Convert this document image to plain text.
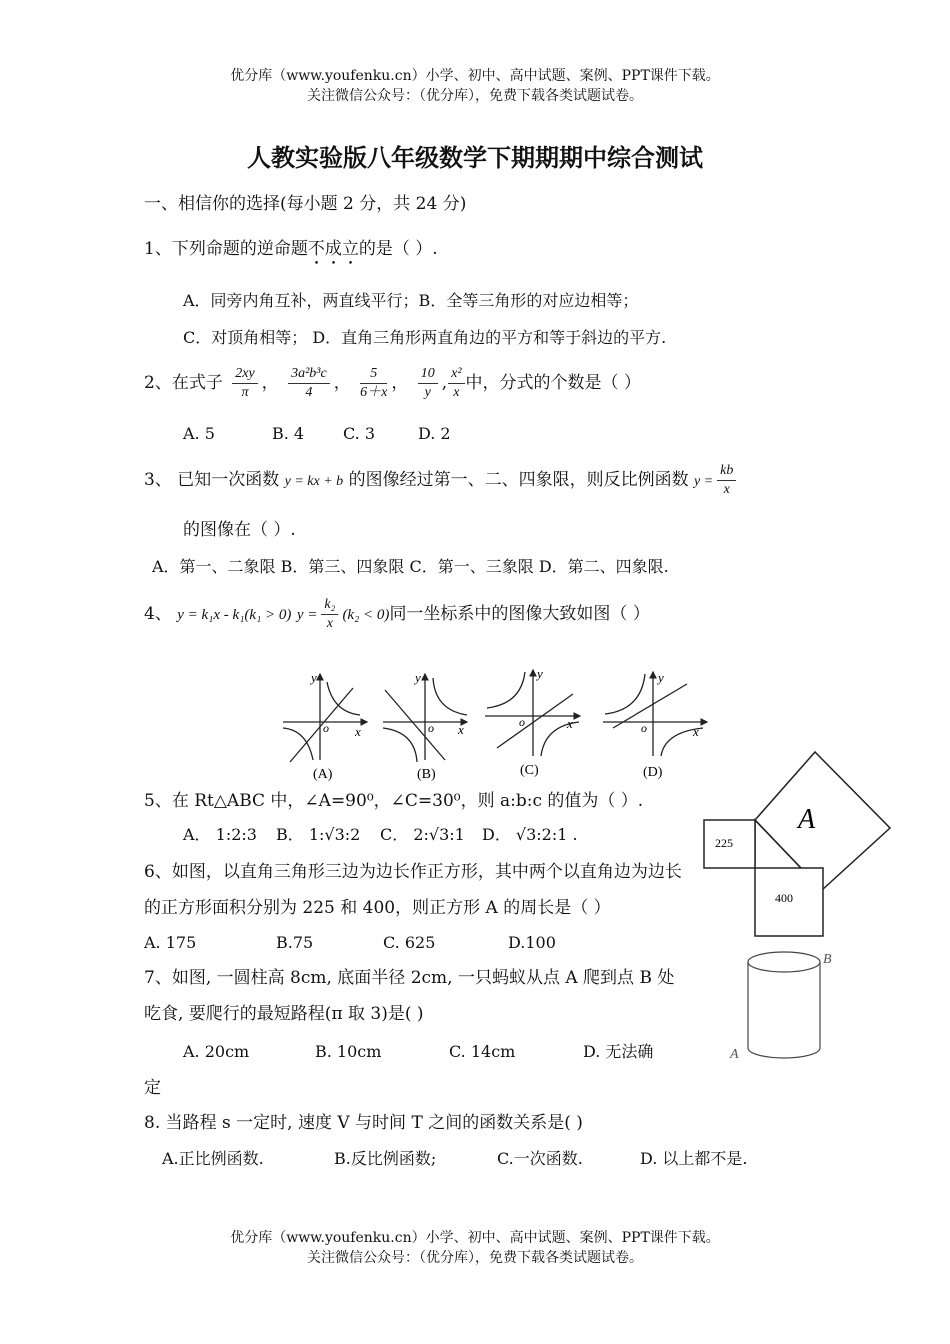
优分库（www.youfenku.cn）小学、初中、高中试题、案例、PPT课件下载。
关注微信公众号：（优分库），免费下载各类试题试卷。
人教实验版八年级数学下期期期中综合测试
一、相信你的选择(每小题 2 分，共 24 分)
1、下列命题的逆命题不成立的是（ ）.
A．同旁内角互补，两直线平行；B．全等三角形的对应边相等；
C．对顶角相等； D．直角三角形两直角边的平方和等于斜边的平方.
2、在式子 $\frac{2xy}{\pi}$ ， $\frac{\text{3a²b³c}}{4}$ ， $\frac{5}{6+x}$ ， $\frac{10}{y}$ , $\frac{\text{x²}}{x}$ 中，分式的个数是（ ）
A. 5	B. 4 C. 3	D. 2
3、 已知一次函数 y = kx + b 的图像经过第一、二、四象限，则反比例函数 $y = \frac{kb}{x}$
的图像在（ ）.
A．第一、二象限 B．第三、四象限 C．第一、三象限 D．第二、四象限.
4、 y = k₁x - k₁(k₁ > 0) $y = \frac{\text{k₂}}{x} (k_2 < 0)$同一坐标系中的图像大致如图（ ）
y
x
o
(A)
y
x
o
(B)
y
x
o
(C)
y
x
o
(D)
5、在 Rt△ABC 中，∠A=90⁰，∠C=30⁰，则 a:b:c 的值为（ ）.
A． 1:2:3 B． 1:√3:2 C． 2:√3:1 D． √3:2:1 .
6、如图，以直角三角形三边为边长作正方形，其中两个以直角边为边长
的正方形面积分别为 225 和 400，则正方形 A 的周长是（ ）
A. 175	B.75	C. 625	D.100
A
225
400
7、如图, 一圆柱高 8cm, 底面半径 2cm, 一只蚂蚁从点 A 爬到点 B 处
吃食, 要爬行的最短路程(π 取 3)是( )
A. 20cm	B. 10cm	C. 14cm	D. 无法确
定
B
A
8. 当路程 s 一定时, 速度 V 与时间 T 之间的函数关系是( )
A.正比例函数.	B.反比例函数;	C.一次函数.	D. 以上都不是.
优分库（www.youfenku.cn）小学、初中、高中试题、案例、PPT课件下载。
关注微信公众号：（优分库），免费下载各类试题试卷。
